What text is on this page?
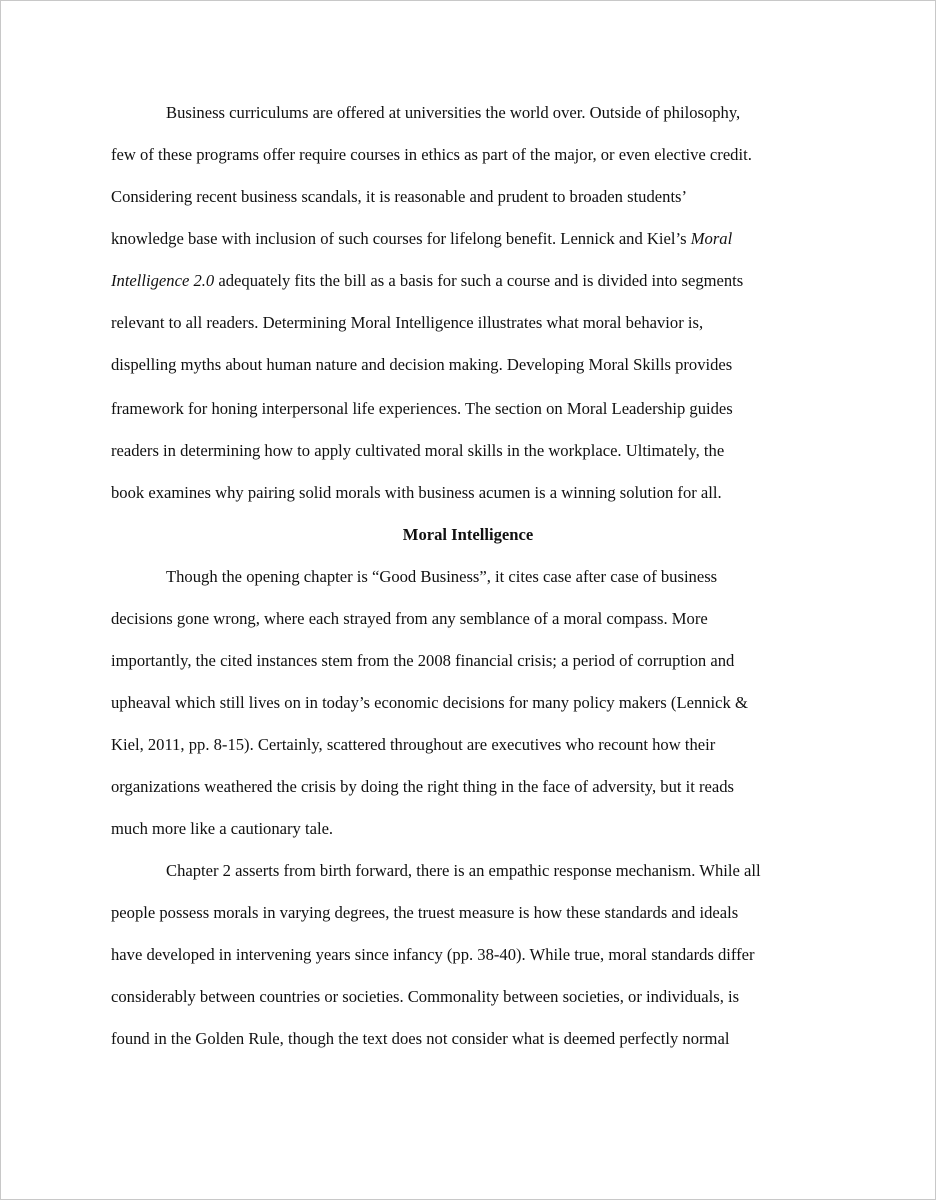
Business curriculums are offered at universities the world over. Outside of philosophy,
few of these programs offer require courses in ethics as part of the major, or even elective credit.
Considering recent business scandals, it is reasonable and prudent to broaden students’
knowledge base with inclusion of such courses for lifelong benefit. Lennick and Kiel’s Moral
Intelligence 2.0 adequately fits the bill as a basis for such a course and is divided into segments
relevant to all readers. Determining Moral Intelligence illustrates what moral behavior is,
dispelling myths about human nature and decision making. Developing Moral Skills provides
framework for honing interpersonal life experiences. The section on Moral Leadership guides
readers in determining how to apply cultivated moral skills in the workplace. Ultimately, the
book examines why pairing solid morals with business acumen is a winning solution for all.
Moral Intelligence
Though the opening chapter is “Good Business”, it cites case after case of business
decisions gone wrong, where each strayed from any semblance of a moral compass. More
importantly, the cited instances stem from the 2008 financial crisis; a period of corruption and
upheaval which still lives on in today’s economic decisions for many policy makers (Lennick &
Kiel, 2011, pp. 8-15). Certainly, scattered throughout are executives who recount how their
organizations weathered the crisis by doing the right thing in the face of adversity, but it reads
much more like a cautionary tale.
Chapter 2 asserts from birth forward, there is an empathic response mechanism. While all
people possess morals in varying degrees, the truest measure is how these standards and ideals
have developed in intervening years since infancy (pp. 38-40). While true, moral standards differ
considerably between countries or societies. Commonality between societies, or individuals, is
found in the Golden Rule, though the text does not consider what is deemed perfectly normal
